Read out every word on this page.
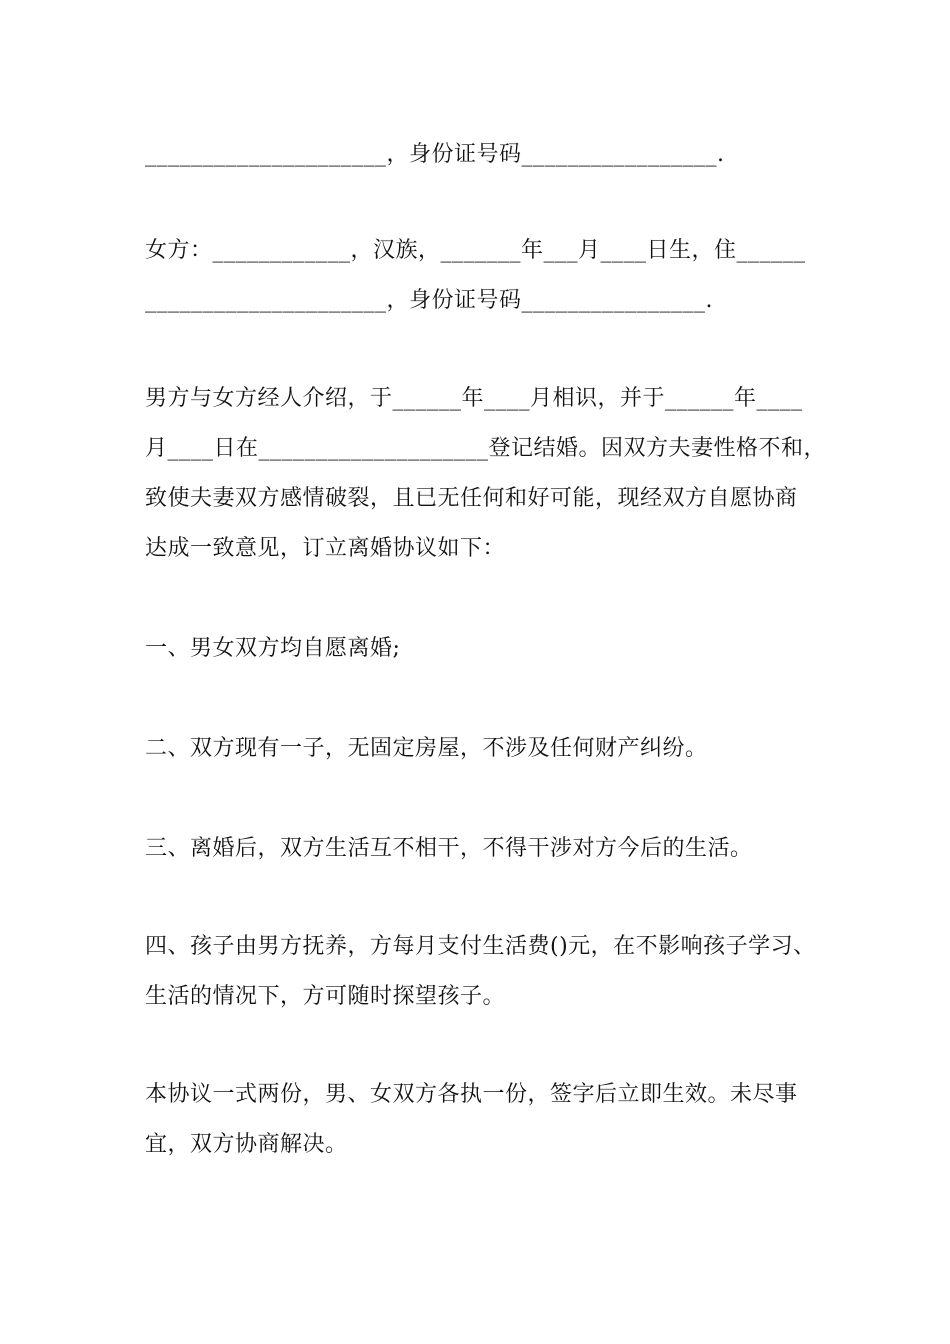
_____________________，身份证号码_________________.
女方：____________，汉族，_______年___月____日生，住______
_____________________，身份证号码________________.
男方与女方经人介绍，于______年____月相识，并于______年____
月____日在____________________登记结婚。因双方夫妻性格不和，
致使夫妻双方感情破裂，且已无任何和好可能，现经双方自愿协商
达成一致意见，订立离婚协议如下：
一、男女双方均自愿离婚;
二、双方现有一子，无固定房屋，不涉及任何财产纠纷。
三、离婚后，双方生活互不相干，不得干涉对方今后的生活。
四、孩子由男方抚养，方每月支付生活费()元，在不影响孩子学习、
生活的情况下，方可随时探望孩子。
本协议一式两份，男、女双方各执一份，签字后立即生效。未尽事
宜，双方协商解决。
